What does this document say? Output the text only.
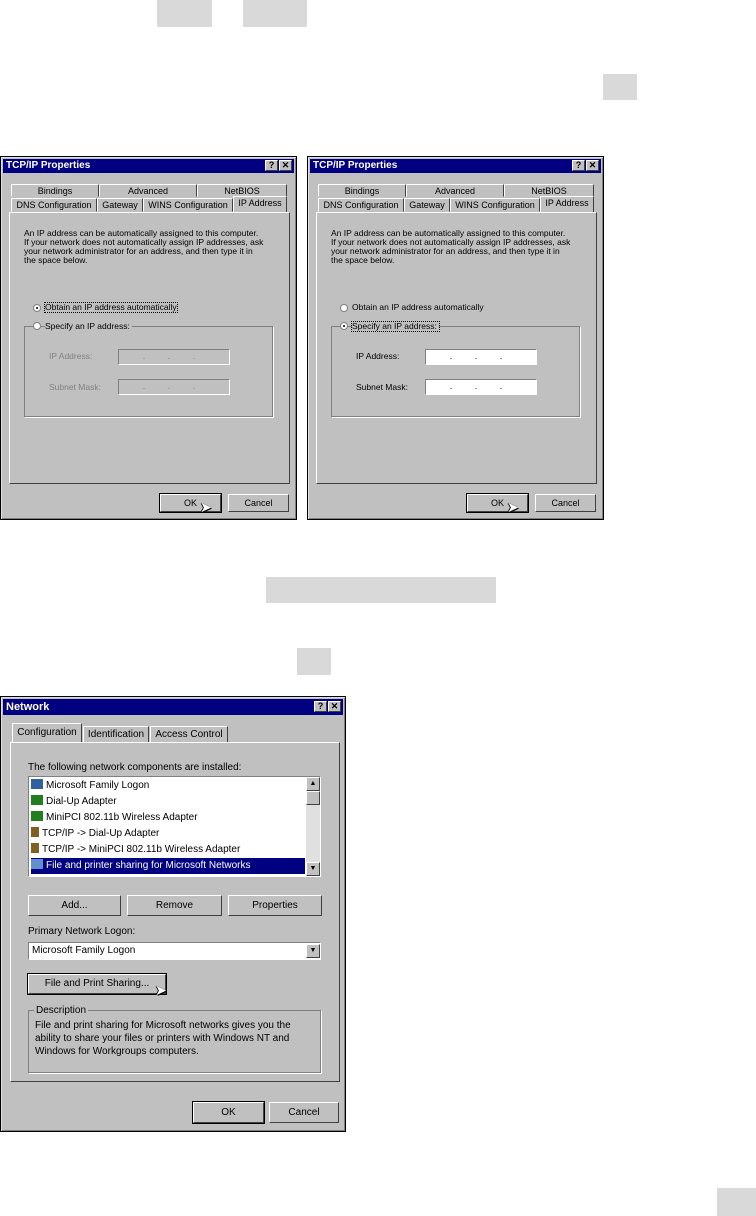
TCP/IP Properties	? ✕
Bindings	Advanced	NetBIOS
DNS Configuration	Gateway	WINS Configuration	IP Address
An IP address can be automatically assigned to this computer.
If your network does not automatically assign IP addresses, ask
your network administrator for an address, and then type it in
the space below.
Obtain an IP address automatically
Specify an IP address:
IP Address:	. . .
Subnet Mask:	. . .
OK	Cancel
➤
TCP/IP Properties	? ✕
Bindings	Advanced	NetBIOS
DNS Configuration	Gateway	WINS Configuration	IP Address
An IP address can be automatically assigned to this computer.
If your network does not automatically assign IP addresses, ask
your network administrator for an address, and then type it in
the space below.
Obtain an IP address automatically
Specify an IP address:
IP Address:	. . .
Subnet Mask:	. . .
OK	Cancel
➤
Network	? ✕
Configuration	Identification	Access Control
The following network components are installed:
Microsoft Family Logon
Dial-Up Adapter
MiniPCI 802.11b Wireless Adapter
TCP/IP -> Dial-Up Adapter
TCP/IP -> MiniPCI 802.11b Wireless Adapter
File and printer sharing for Microsoft Networks
▲
▼
Add...	Remove	Properties
Primary Network Logon:
Microsoft Family Logon	▼
File and Print Sharing... ➤
Description
File and print sharing for Microsoft networks gives you the
ability to share your files or printers with Windows NT and
Windows for Workgroups computers.
OK	Cancel
